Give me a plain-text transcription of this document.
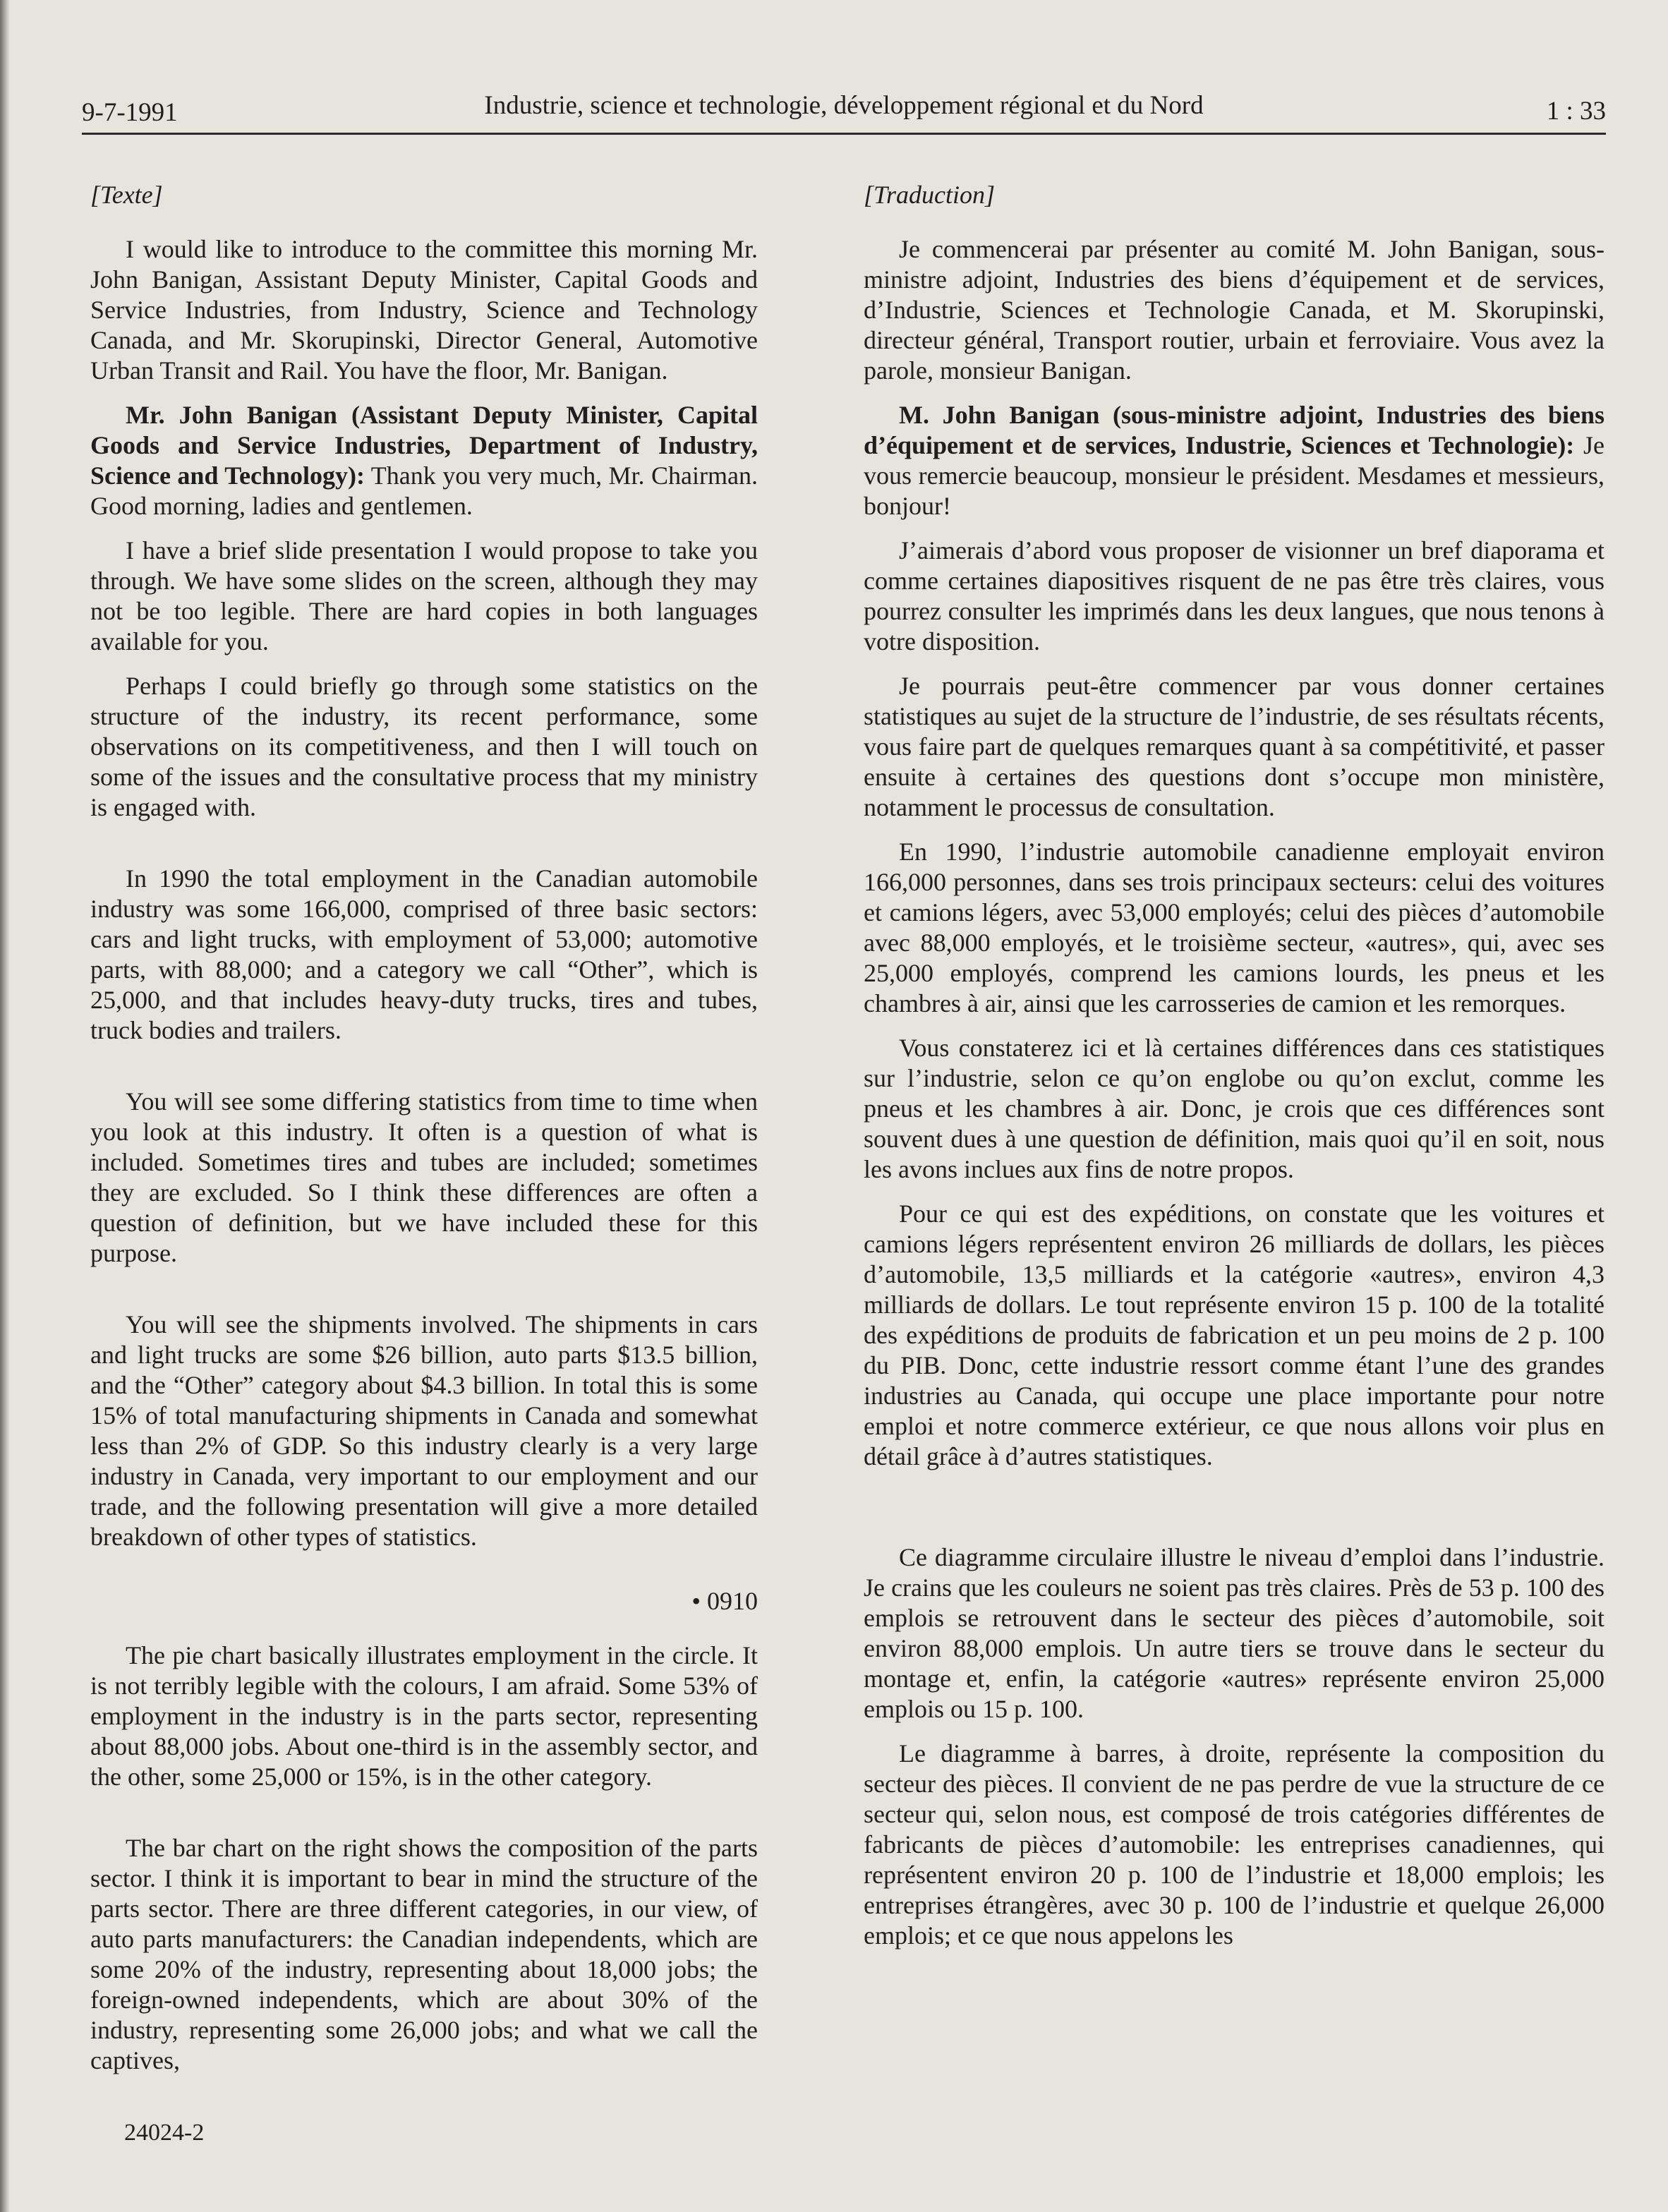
9-7-1991	Industrie, science et technologie, développement régional et du Nord	1 : 33

[Texte]

I would like to introduce to the committee this morning Mr. John Banigan, Assistant Deputy Minister, Capital Goods and Service Industries, from Industry, Science and Technology Canada, and Mr. Skorupinski, Director General, Automotive Urban Transit and Rail. You have the floor, Mr. Banigan.

Mr. John Banigan (Assistant Deputy Minister, Capital Goods and Service Industries, Department of Industry, Science and Technology): Thank you very much, Mr. Chairman. Good morning, ladies and gentlemen.

I have a brief slide presentation I would propose to take you through. We have some slides on the screen, although they may not be too legible. There are hard copies in both languages available for you.

Perhaps I could briefly go through some statistics on the structure of the industry, its recent performance, some observations on its competitiveness, and then I will touch on some of the issues and the consultative process that my ministry is engaged with.

In 1990 the total employment in the Canadian automobile industry was some 166,000, comprised of three basic sectors: cars and light trucks, with employment of 53,000; automotive parts, with 88,000; and a category we call “Other”, which is 25,000, and that includes heavy-duty trucks, tires and tubes, truck bodies and trailers.

You will see some differing statistics from time to time when you look at this industry. It often is a question of what is included. Sometimes tires and tubes are included; sometimes they are excluded. So I think these differences are often a question of definition, but we have included these for this purpose.

You will see the shipments involved. The shipments in cars and light trucks are some $26 billion, auto parts $13.5 billion, and the “Other” category about $4.3 billion. In total this is some 15% of total manufacturing shipments in Canada and somewhat less than 2% of GDP. So this industry clearly is a very large industry in Canada, very important to our employment and our trade, and the following presentation will give a more detailed breakdown of other types of statistics.

• 0910

The pie chart basically illustrates employment in the circle. It is not terribly legible with the colours, I am afraid. Some 53% of employment in the industry is in the parts sector, representing about 88,000 jobs. About one-third is in the assembly sector, and the other, some 25,000 or 15%, is in the other category.

The bar chart on the right shows the composition of the parts sector. I think it is important to bear in mind the structure of the parts sector. There are three different categories, in our view, of auto parts manufacturers: the Canadian independents, which are some 20% of the industry, representing about 18,000 jobs; the foreign-owned independents, which are about 30% of the industry, representing some 26,000 jobs; and what we call the captives,

[Traduction]

Je commencerai par présenter au comité M. John Banigan, sous-ministre adjoint, Industries des biens d’équipement et de services, d’Industrie, Sciences et Technologie Canada, et M. Skorupinski, directeur général, Transport routier, urbain et ferroviaire. Vous avez la parole, monsieur Banigan.

M. John Banigan (sous-ministre adjoint, Industries des biens d’équipement et de services, Industrie, Sciences et Technologie): Je vous remercie beaucoup, monsieur le président. Mesdames et messieurs, bonjour!

J’aimerais d’abord vous proposer de visionner un bref diaporama et comme certaines diapositives risquent de ne pas être très claires, vous pourrez consulter les imprimés dans les deux langues, que nous tenons à votre disposition.

Je pourrais peut-être commencer par vous donner certaines statistiques au sujet de la structure de l’industrie, de ses résultats récents, vous faire part de quelques remarques quant à sa compétitivité, et passer ensuite à certaines des questions dont s’occupe mon ministère, notamment le processus de consultation.

En 1990, l’industrie automobile canadienne employait environ 166,000 personnes, dans ses trois principaux secteurs: celui des voitures et camions légers, avec 53,000 employés; celui des pièces d’automobile avec 88,000 employés, et le troisième secteur, «autres», qui, avec ses 25,000 employés, comprend les camions lourds, les pneus et les chambres à air, ainsi que les carrosseries de camion et les remorques.

Vous constaterez ici et là certaines différences dans ces statistiques sur l’industrie, selon ce qu’on englobe ou qu’on exclut, comme les pneus et les chambres à air. Donc, je crois que ces différences sont souvent dues à une question de définition, mais quoi qu’il en soit, nous les avons inclues aux fins de notre propos.

Pour ce qui est des expéditions, on constate que les voitures et camions légers représentent environ 26 milliards de dollars, les pièces d’automobile, 13,5 milliards et la catégorie «autres», environ 4,3 milliards de dollars. Le tout représente environ 15 p. 100 de la totalité des expéditions de produits de fabrication et un peu moins de 2 p. 100 du PIB. Donc, cette industrie ressort comme étant l’une des grandes industries au Canada, qui occupe une place importante pour notre emploi et notre commerce extérieur, ce que nous allons voir plus en détail grâce à d’autres statistiques.

Ce diagramme circulaire illustre le niveau d’emploi dans l’industrie. Je crains que les couleurs ne soient pas très claires. Près de 53 p. 100 des emplois se retrouvent dans le secteur des pièces d’automobile, soit environ 88,000 emplois. Un autre tiers se trouve dans le secteur du montage et, enfin, la catégorie «autres» représente environ 25,000 emplois ou 15 p. 100.

Le diagramme à barres, à droite, représente la composition du secteur des pièces. Il convient de ne pas perdre de vue la structure de ce secteur qui, selon nous, est composé de trois catégories différentes de fabricants de pièces d’automobile: les entreprises canadiennes, qui représentent environ 20 p. 100 de l’industrie et 18,000 emplois; les entreprises étrangères, avec 30 p. 100 de l’industrie et quelque 26,000 emplois; et ce que nous appelons les

24024-2
